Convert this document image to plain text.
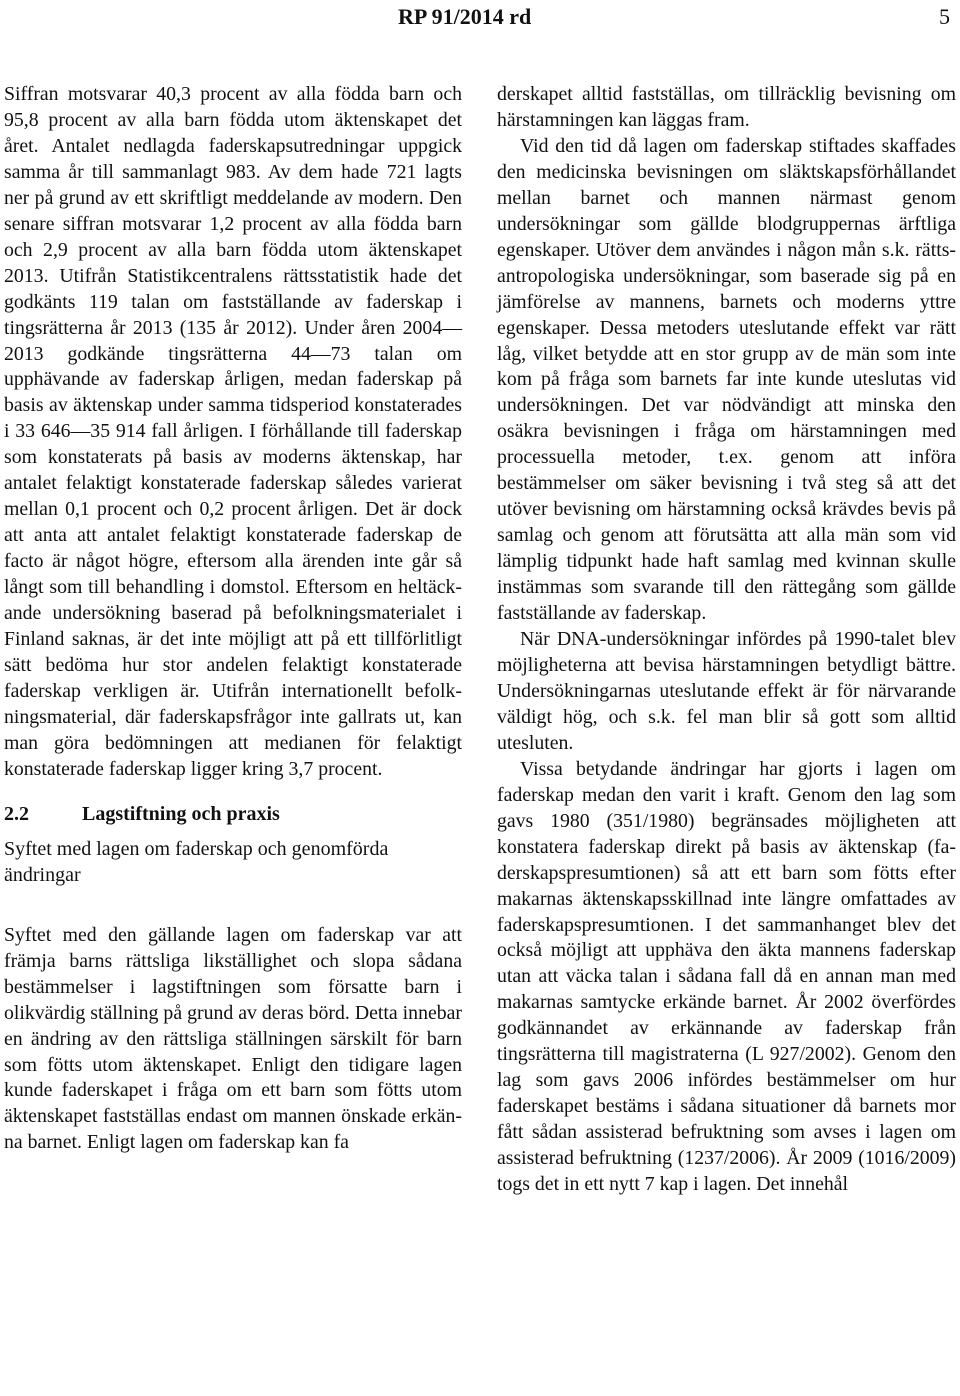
RP 91/2014 rd	5

Siffran motsvarar 40,3 procent av alla födda barn och 95,8 procent av alla barn födda utom äktenskapet det året. Antalet nedlagda faderskapsutredningar uppgick samma år till sammanlagt 983. Av dem hade 721 lagts ner på grund av ett skriftligt meddelande av modern. Den senare siffran motsvarar 1,2 procent av alla födda barn och 2,9 procent av alla barn födda utom äktenskapet 2013. Utifrån Statistikcentralens rättsstatistik hade det godkänts 119 talan om fastställande av faderskap i tingsrätterna år 2013 (135 år 2012). Under åren 2004—2013 godkände tingsrätterna 44—73 talan om upphävande av faderskap årligen, medan faderskap på basis av äktenskap under samma tidsperiod konstaterades i 33 646—35 914 fall årligen. I förhållande till faderskap som konstaterats på basis av moderns äktenskap, har antalet felaktigt konstaterade faderskap således varierat mellan 0,1 procent och 0,2 procent årligen. Det är dock att anta att antalet felaktigt konstaterade faderskap de facto är något högre, eftersom alla ärenden inte går så långt som till behandling i domstol. Eftersom en heltäckande undersökning baserad på befolkningsmaterialet i Finland saknas, är det inte möjligt att på ett tillförlitligt sätt bedöma hur stor andelen felaktigt konstaterade faderskap verkligen är. Utifrån internationellt befolkningsmaterial, där faderskapsfrågor inte gallrats ut, kan man göra bedömningen att medianen för felaktigt konstaterade faderskap ligger kring 3,7 procent.

2.2	Lagstiftning och praxis
Syftet med lagen om faderskap och genomförda ändringar

Syftet med den gällande lagen om faderskap var att främja barns rättsliga likställighet och slopa sådana bestämmelser i lagstiftningen som försatte barn i olikvärdig ställning på grund av deras börd. Detta innebar en ändring av den rättsliga ställningen särskilt för barn som fötts utom äktenskapet. Enligt den tidigare lagen kunde faderskapet i fråga om ett barn som fötts utom äktenskapet fastställas endast om mannen önskade erkänna barnet. Enligt lagen om faderskap kan fa

derskapet alltid fastställas, om tillräcklig bevisning om härstamningen kan läggas fram.

Vid den tid då lagen om faderskap stiftades skaffades den medicinska bevisningen om släktskapsförhållandet mellan barnet och mannen närmast genom undersökningar som gällde blodgruppernas ärftliga egenskaper. Utöver dem användes i någon mån s.k. rättsantropologiska undersökningar, som baserade sig på en jämförelse av mannens, barnets och moderns yttre egenskaper. Dessa metoders uteslutande effekt var rätt låg, vilket betydde att en stor grupp av de män som inte kom på fråga som barnets far inte kunde uteslutas vid undersökningen. Det var nödvändigt att minska den osäkra bevisningen i fråga om härstamningen med processuella metoder, t.ex. genom att införa bestämmelser om säker bevisning i två steg så att det utöver bevisning om härstamning också krävdes bevis på samlag och genom att förutsätta att alla män som vid lämplig tidpunkt hade haft samlag med kvinnan skulle instämmas som svarande till den rättegång som gällde fastställande av faderskap.

När DNA-undersökningar infördes på 1990-talet blev möjligheterna att bevisa härstamningen betydligt bättre. Undersökningarnas uteslutande effekt är för närvarande väldigt hög, och s.k. fel man blir så gott som alltid utesluten.

Vissa betydande ändringar har gjorts i lagen om faderskap medan den varit i kraft. Genom den lag som gavs 1980 (351/1980) begränsades möjligheten att konstatera faderskap direkt på basis av äktenskap (faderskapspresumtionen) så att ett barn som fötts efter makarnas äktenskapsskillnad inte längre omfattades av faderskapspresumtionen. I det sammanhanget blev det också möjligt att upphäva den äkta mannens faderskap utan att väcka talan i sådana fall då en annan man med makarnas samtycke erkände barnet. År 2002 överfördes godkännandet av erkännande av faderskap från tingsrätterna till magistraterna (L 927/2002). Genom den lag som gavs 2006 infördes bestämmelser om hur faderskapet bestäms i sådana situationer då barnets mor fått sådan assisterad befruktning som avses i lagen om assisterad befruktning (1237/2006). År 2009 (1016/2009) togs det in ett nytt 7 kap i lagen. Det innehål
